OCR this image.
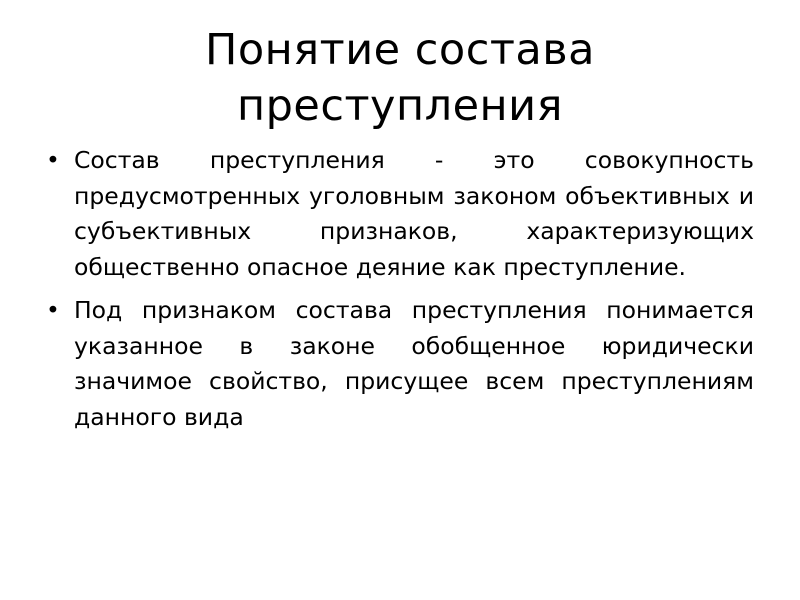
Понятие состава
преступления
• Состав преступления - это совокупность предусмотренных уголовным законом объективных и субъективных признаков, характеризующих общественно опасное деяние как преступление.
• Под признаком состава преступления понимается указанное в законе обобщенное юридически значимое свойство, присущее всем преступлениям данного вида
